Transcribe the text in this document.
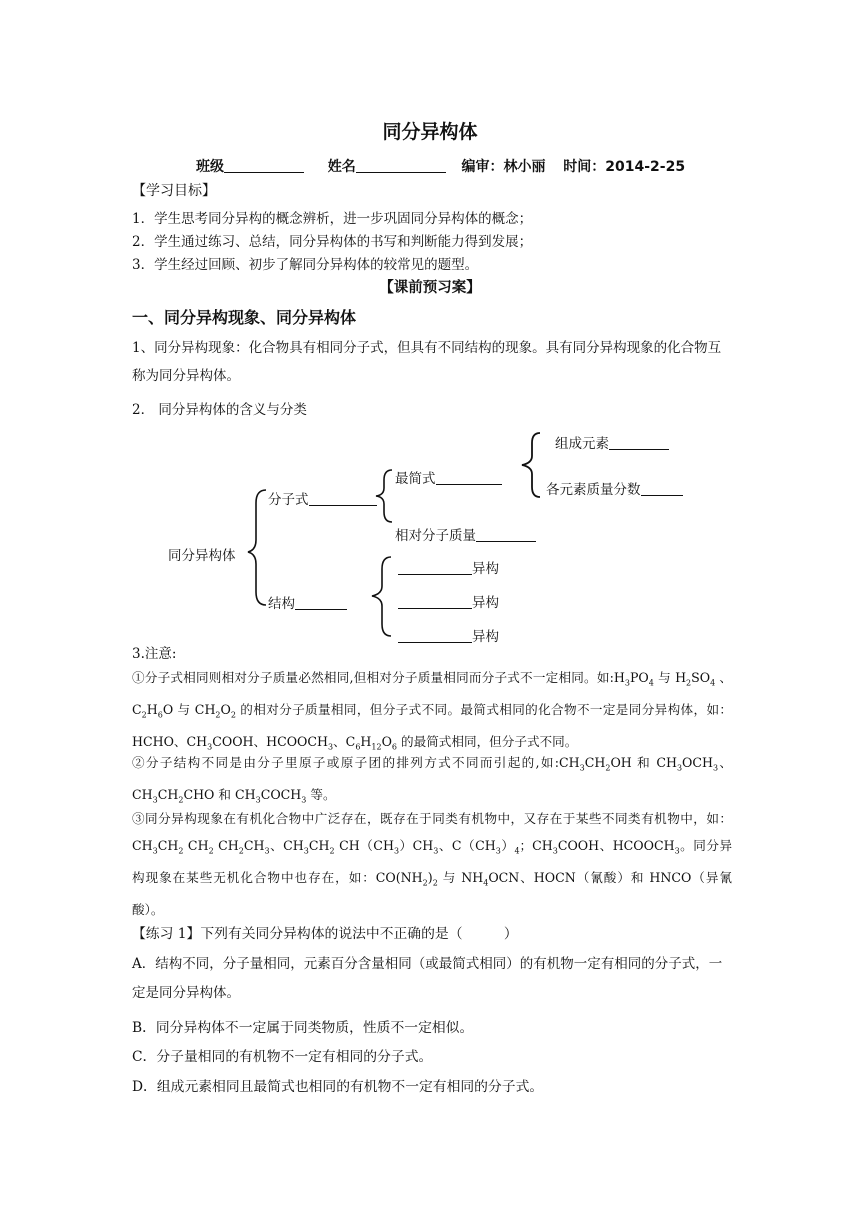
同分异构体
班级	姓名	编审：林小丽 时间：2014-2-25
【学习目标】
1．学生思考同分异构的概念辨析，进一步巩固同分异构体的概念；
2．学生通过练习、总结，同分异构体的书写和判断能力得到发展；
3．学生经过回顾、初步了解同分异构体的较常见的题型。
【课前预习案】
一、同分异构现象、同分异构体
1、同分异构现象：化合物具有相同分子式，但具有不同结构的现象。具有同分异构现象的化合物互称为同分异构体。
2． 同分异构体的含义与分类
同分异构体
分子式
结构
最简式
相对分子质量
组成元素
各元素质量分数
异构
异构
异构
3.注意:
①分子式相同则相对分子质量必然相同,但相对分子质量相同而分子式不一定相同。如$:H_3PO_4$ 与 $H_2SO_4$ 、$C_2H_6O$ 与 $CH_2O_2$ 的相对分子质量相同，但分子式不同。最简式相同的化合物不一定是同分异构体，如：HCHO、$CH_3COOH$、$HCOOCH_3$、$C_6H_{12}O_6$ 的最简式相同，但分子式不同。
②分子结构不同是由分子里原子或原子团的排列方式不同而引起的,如$:CH_3CH_2OH$ 和 $CH_3OCH_3$、$CH_3CH_2CHO$ 和 $CH_3COCH_3$ 等。
③同分异构现象在有机化合物中广泛存在，既存在于同类有机物中，又存在于某些不同类有机物中，如：$CH_3CH_2$ $CH_2$ $CH_2CH_3$、$CH_3CH_2$ $CH(CH_3)CH_3$、$C(CH_3)_4$；$CH_3COOH$、$HCOOCH_3$。同分异构现象在某些无机化合物中也存在，如：$CO(NH_2)_2$ 与 $NH_4OCN$、HOCN（氰酸）和 HNCO（异氰酸）。
【练习 1】下列有关同分异构体的说法中不正确的是（　　　）
A．结构不同，分子量相同，元素百分含量相同（或最简式相同）的有机物一定有相同的分子式，一定是同分异构体。
B．同分异构体不一定属于同类物质，性质不一定相似。
C．分子量相同的有机物不一定有相同的分子式。
D．组成元素相同且最简式也相同的有机物不一定有相同的分子式。
